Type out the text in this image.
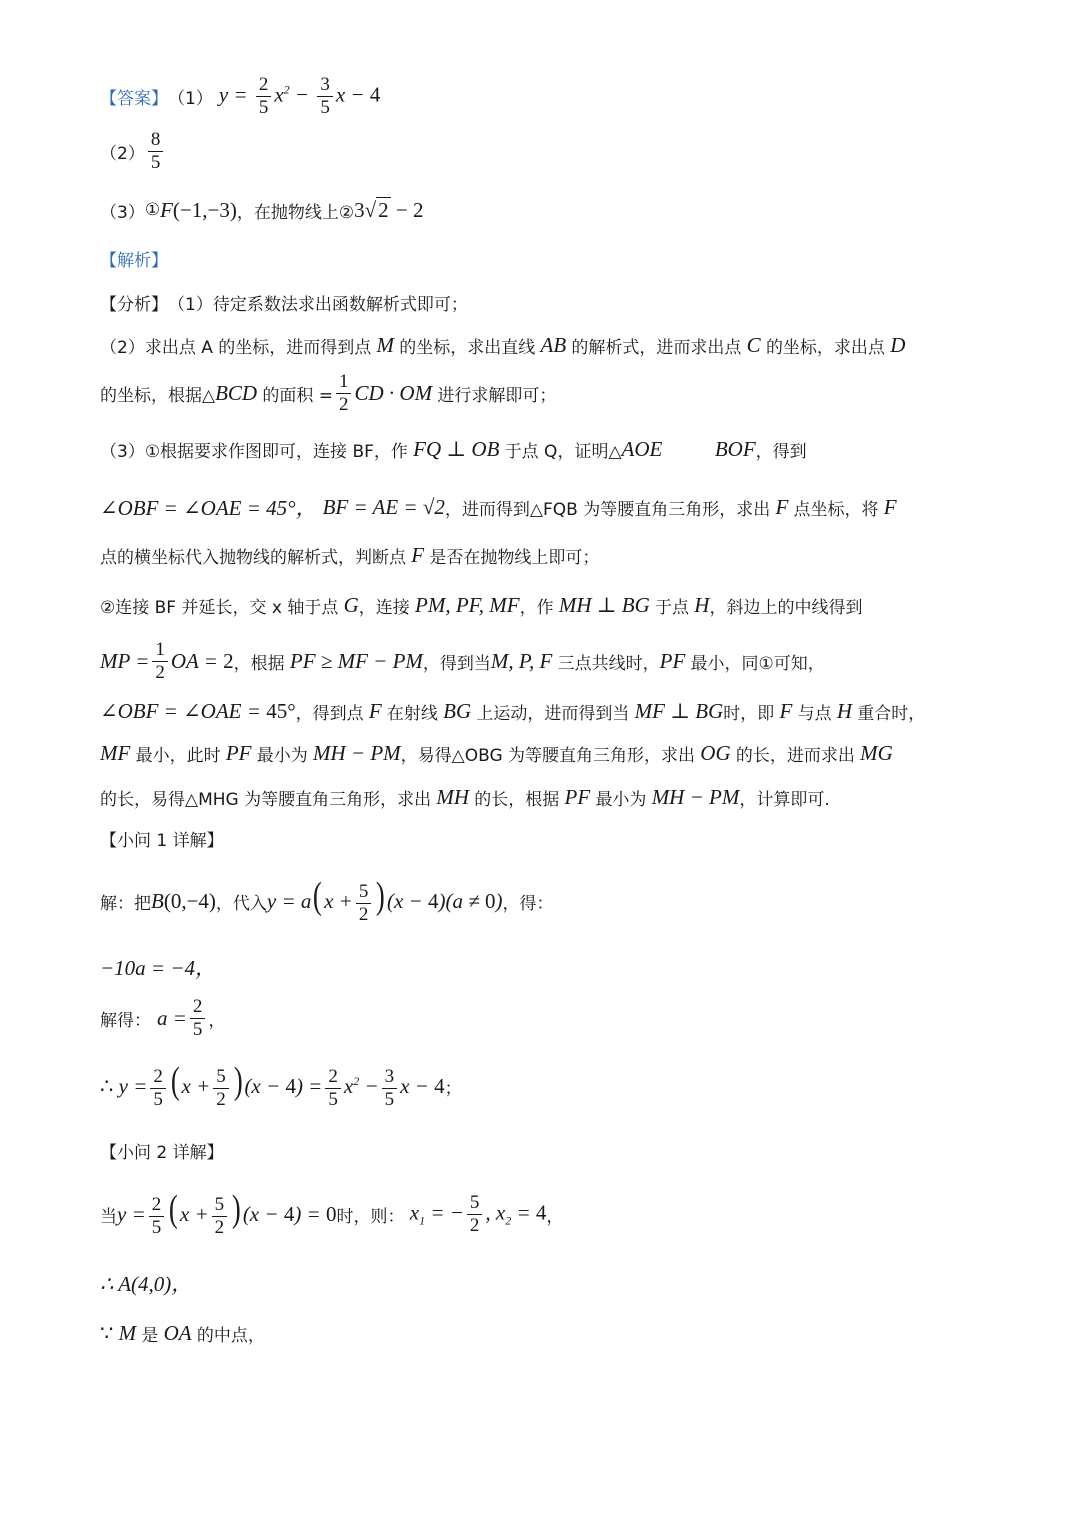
【答案】 （1） $y = \frac{2}{5} x^2 - \frac{3}{5}$ x − 4
$(2) \frac{8}{5}$
（3） ① F(−1,−3) ，在抛物线上② 3√ 2 − 2
【解析】
【分析】 （1）待定系数法求出函数解析式即可；
（2）求出点 A 的坐标，进而得到点 M 的坐标，求出直线 AB 的解析式，进而求出点 C 的坐标，求出点 D
的坐标，根据△ BCD 的面积 = $\frac{1}{2}$ CD · OM 进行求解即可；
（3）①根据要求作图即可，连接 BF，作 FQ ⊥ OB 于点 Q，证明△ AOE          BOF ，得到
∠OBF = ∠OAE = 45°， BF = AE = √2 ，进而得到△FQB 为等腰直角三角形，求出 F 点坐标，将 F
点的横坐标代入抛物线的解析式，判断点 F 是否在抛物线上即可；
②连接 BF 并延长，交 x 轴于点 G ，连接 PM, PF, MF ，作 MH ⊥ BG 于点 H ，斜边上的中线得到
MP = $\frac{1}{2}$ OA = 2 ，根据 PF ≥ MF − PM ，得到当 M, P, F 三点共线时， PF 最小，同①可知，
∠OBF = ∠OAE = 45° ，得到点 F 在射线 BG 上运动，进而得到当 MF ⊥ BG 时，即 F 与点 H 重合时，
MF 最小，此时 PF 最小为 MH − PM ，易得△OBG 为等腰直角三角形，求出 OG 的长，进而求出 MG
的长，易得△MHG 为等腰直角三角形，求出 MH 的长，根据 PF 最小为 MH − PM ，计算即可.
【小问 1 详解】
解：把 B(0,−4) ，代入 $y = a(x + \frac{5}{2} )(x - 4)(a \ne 0)$ ，得：
−10a = −4，
解得： $a = \frac{2}{5}$ ，
∴ $y = \frac{2}{5} (x + \frac{5}{2} )(x - 4) = \frac{2}{5} x^2 - \frac{3}{5}$ x − 4 ；
【小问 2 详解】
当 $y = \frac{2}{5} (x + \frac{5}{2} )(x - 4) = 0$ 时，则： $x_1$ = − $\frac{5}{2}$ , $x_2 = 4$ ，
∴ A(4,0)，
∵ M 是 OA 的中点，
